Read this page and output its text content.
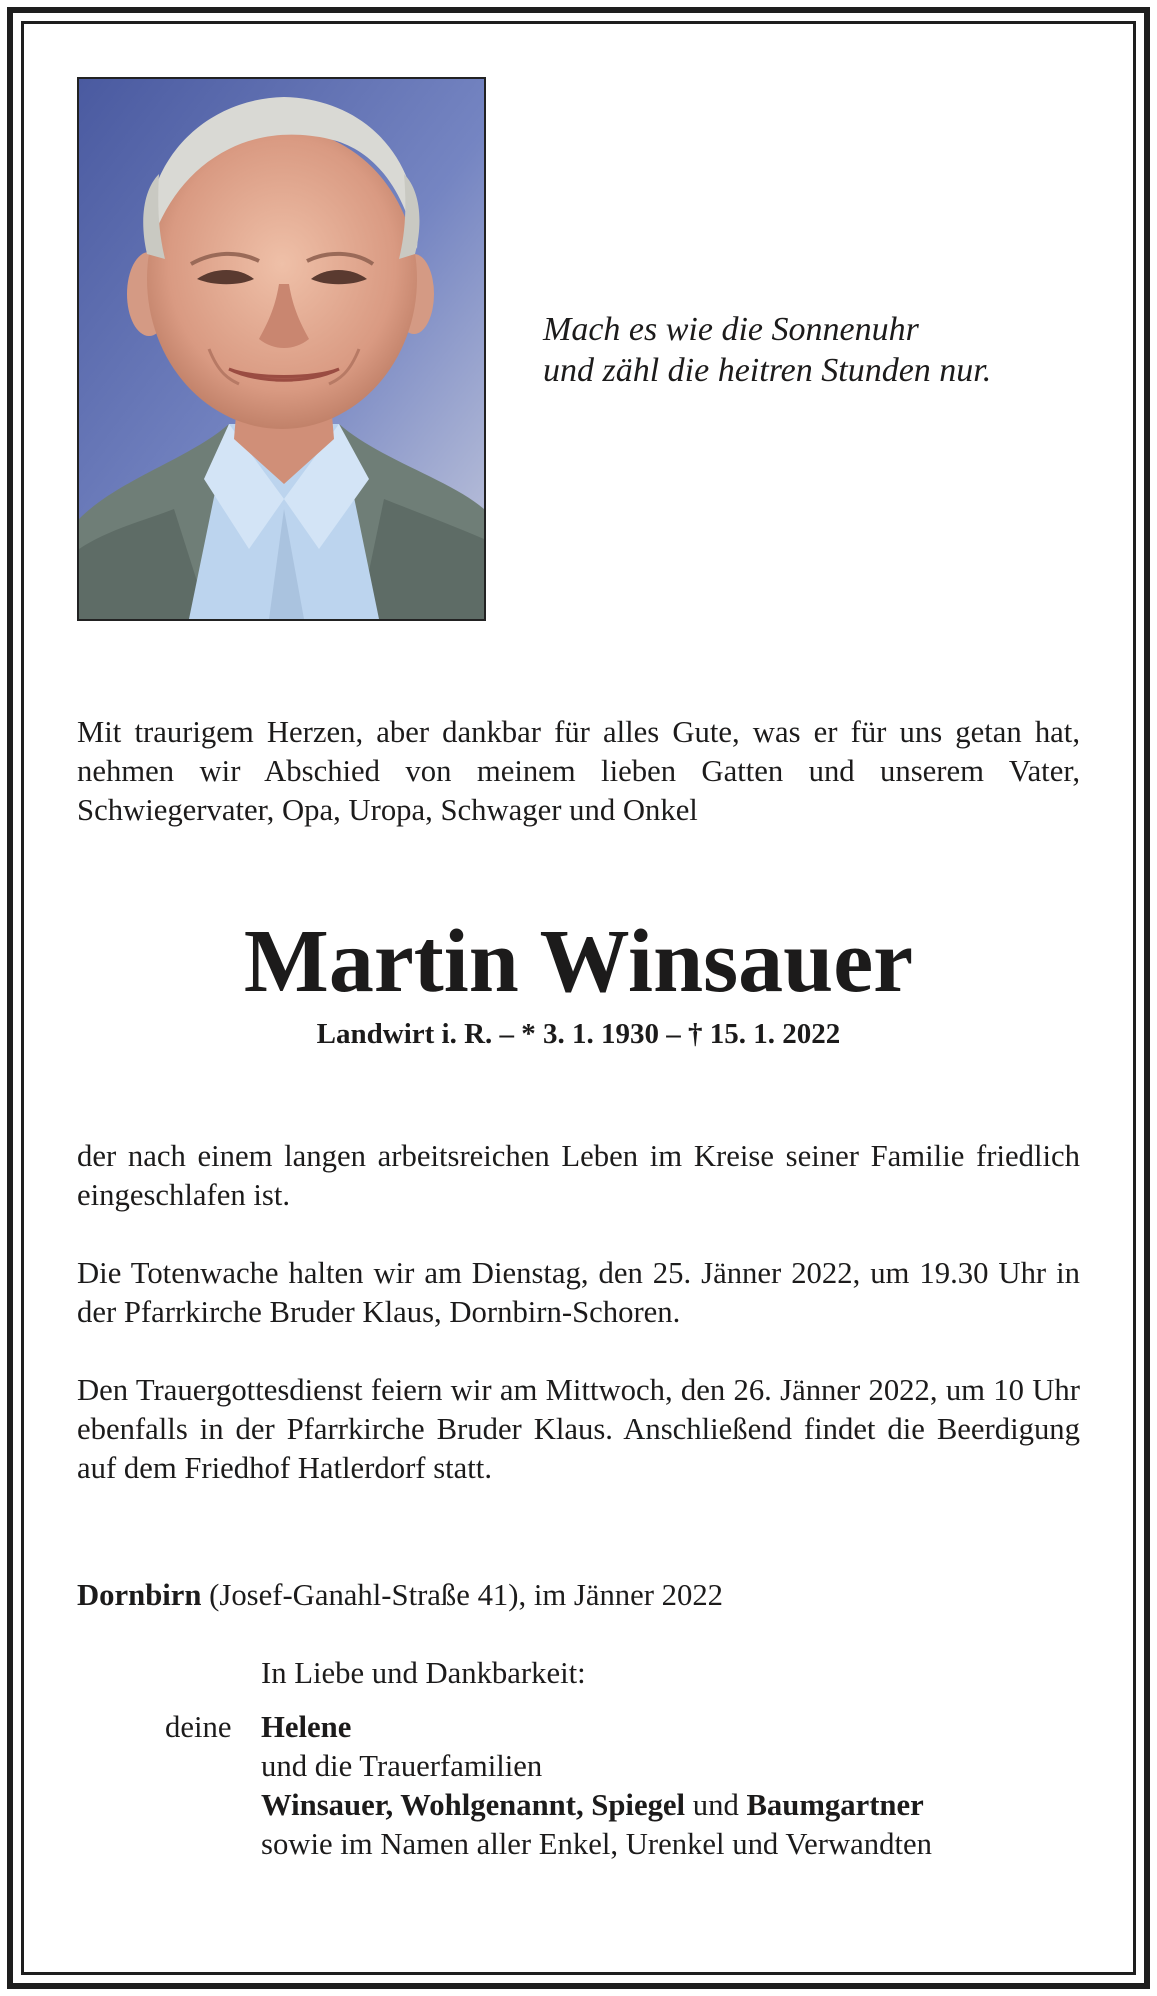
Mach es wie die Sonnenuhr
und zähl die heitren Stunden nur.
Mit traurigem Herzen, aber dankbar für alles Gute, was er für uns getan hat, nehmen wir Abschied von meinem lieben Gatten und unserem Vater, Schwiegervater, Opa, Uropa, Schwager und Onkel
Martin Winsauer
Landwirt i. R. – * 3. 1. 1930 – † 15. 1. 2022
der nach einem langen arbeitsreichen Leben im Kreise seiner Familie friedlich eingeschlafen ist.
Die Totenwache halten wir am Dienstag, den 25. Jänner 2022, um 19.30 Uhr in der Pfarrkirche Bruder Klaus, Dornbirn-Schoren.
Den Trauergottesdienst feiern wir am Mittwoch, den 26. Jänner 2022, um 10 Uhr ebenfalls in der Pfarrkirche Bruder Klaus. Anschließend findet die Beerdigung auf dem Friedhof Hatlerdorf statt.
Dornbirn (Josef-Ganahl-Straße 41), im Jänner 2022
In Liebe und Dankbarkeit:
deine Helene
und die Trauerfamilien
Winsauer, Wohlgenannt, Spiegel und Baumgartner
sowie im Namen aller Enkel, Urenkel und Verwandten
